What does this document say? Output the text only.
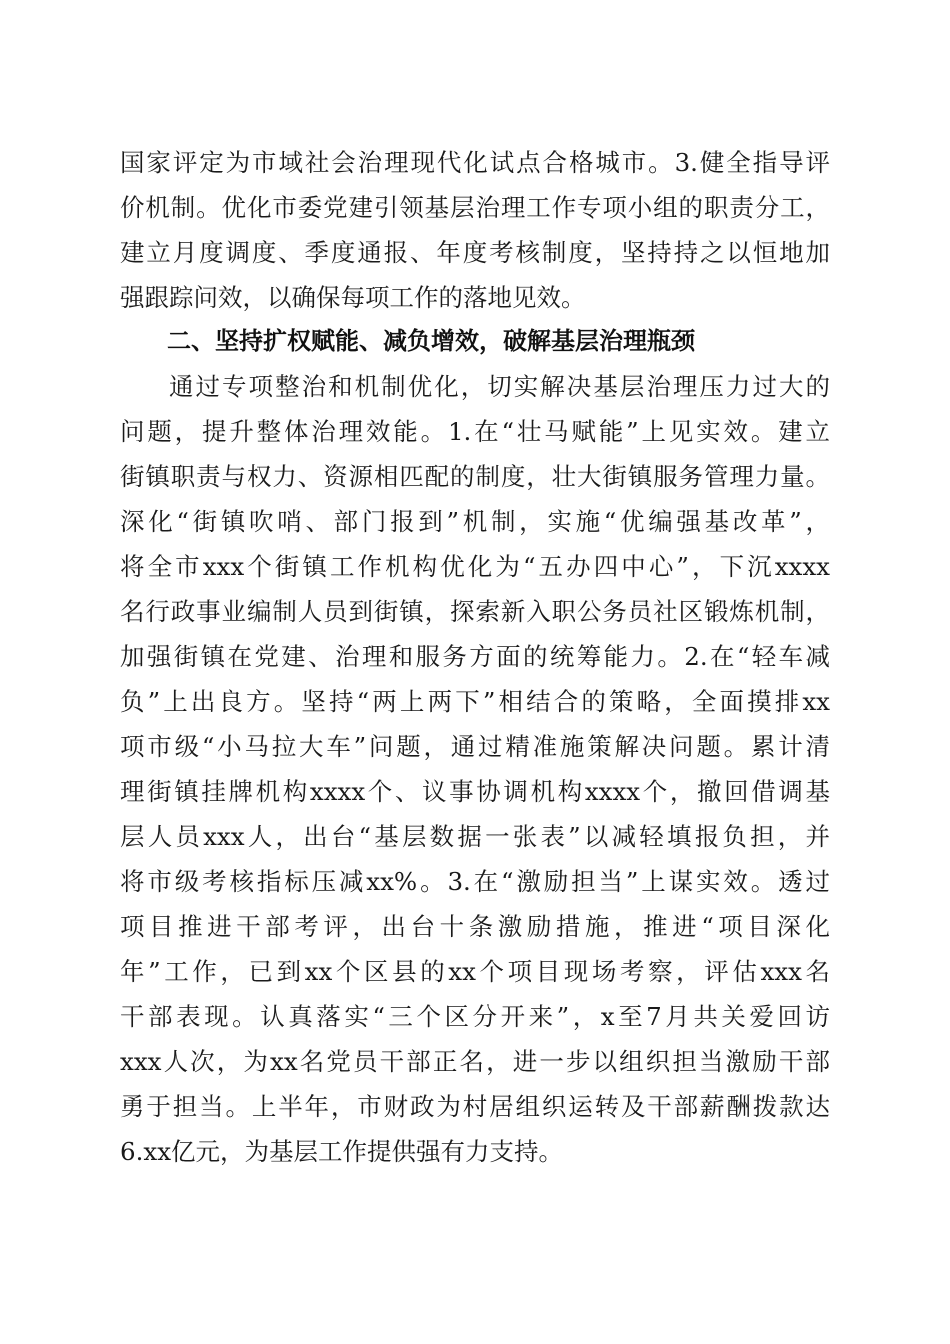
国家评定为市域社会治理现代化试点合格城市。3.健全指导评
价机制。优化市委党建引领基层治理工作专项小组的职责分工，
建立月度调度、季度通报、年度考核制度，坚持持之以恒地加
强跟踪问效，以确保每项工作的落地见效。
二、坚持扩权赋能、减负增效，破解基层治理瓶颈
通过专项整治和机制优化，切实解决基层治理压力过大的
问题，提升整体治理效能。1.在“壮马赋能”上见实效。建立
街镇职责与权力、资源相匹配的制度，壮大街镇服务管理力量。
深化“街镇吹哨、部门报到”机制，实施“优编强基改革”，
将全市xxx个街镇工作机构优化为“五办四中心”，下沉xxxx
名行政事业编制人员到街镇，探索新入职公务员社区锻炼机制，
加强街镇在党建、治理和服务方面的统筹能力。2.在“轻车减
负”上出良方。坚持“两上两下”相结合的策略，全面摸排xx
项市级“小马拉大车”问题，通过精准施策解决问题。累计清
理街镇挂牌机构xxxx个、议事协调机构xxxx个，撤回借调基
层人员xxx人，出台“基层数据一张表”以减轻填报负担，并
将市级考核指标压减xx%。3.在“激励担当”上谋实效。透过
项目推进干部考评，出台十条激励措施，推进“项目深化
年”工作，已到xx个区县的xx个项目现场考察，评估xxx名
干部表现。认真落实“三个区分开来”，x至7月共关爱回访
xxx人次，为xx名党员干部正名，进一步以组织担当激励干部
勇于担当。上半年，市财政为村居组织运转及干部薪酬拨款达
6.xx亿元，为基层工作提供强有力支持。
